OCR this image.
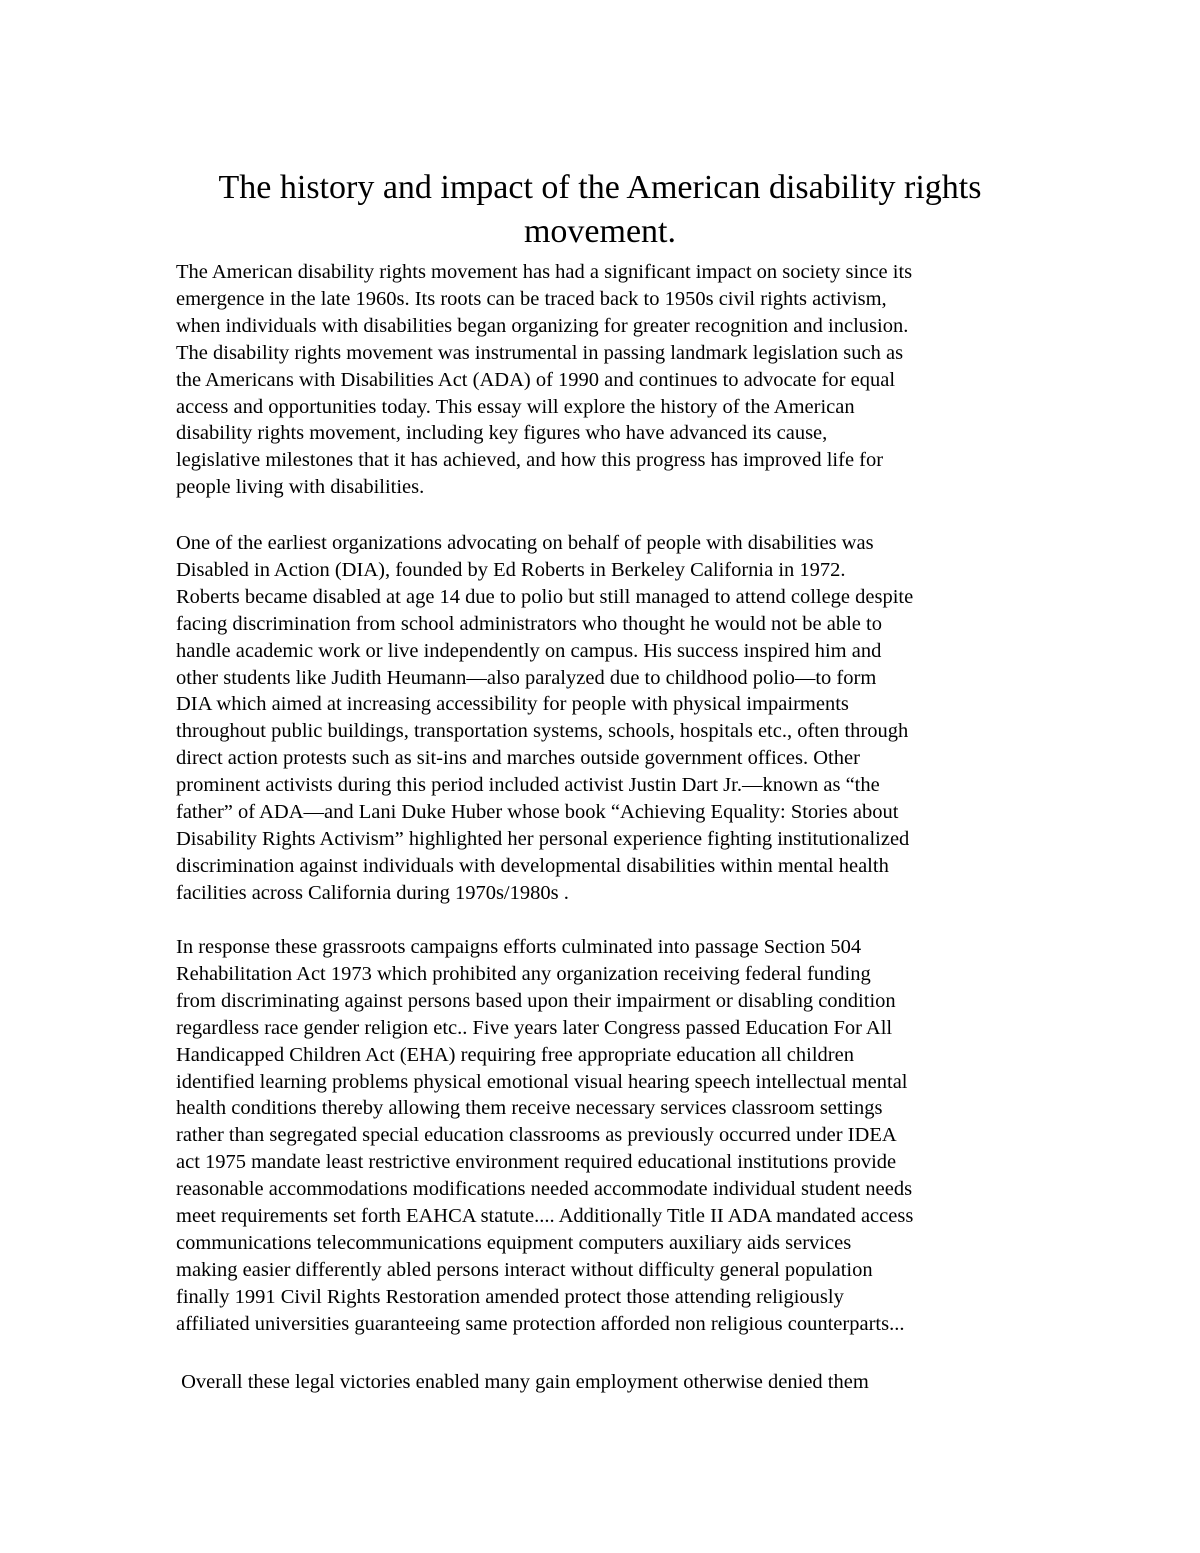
The history and impact of the American disability rights
movement.

The American disability rights movement has had a significant impact on society since its
emergence in the late 1960s. Its roots can be traced back to 1950s civil rights activism,
when individuals with disabilities began organizing for greater recognition and inclusion.
The disability rights movement was instrumental in passing landmark legislation such as
the Americans with Disabilities Act (ADA) of 1990 and continues to advocate for equal
access and opportunities today. This essay will explore the history of the American
disability rights movement, including key figures who have advanced its cause,
legislative milestones that it has achieved, and how this progress has improved life for
people living with disabilities.

One of the earliest organizations advocating on behalf of people with disabilities was
Disabled in Action (DIA), founded by Ed Roberts in Berkeley California in 1972.
Roberts became disabled at age 14 due to polio but still managed to attend college despite
facing discrimination from school administrators who thought he would not be able to
handle academic work or live independently on campus. His success inspired him and
other students like Judith Heumann—also paralyzed due to childhood polio—to form
DIA which aimed at increasing accessibility for people with physical impairments
throughout public buildings, transportation systems, schools, hospitals etc., often through
direct action protests such as sit-ins and marches outside government offices. Other
prominent activists during this period included activist Justin Dart Jr.—known as “the
father” of ADA—and Lani Duke Huber whose book “Achieving Equality: Stories about
Disability Rights Activism” highlighted her personal experience fighting institutionalized
discrimination against individuals with developmental disabilities within mental health
facilities across California during 1970s/1980s .

In response these grassroots campaigns efforts culminated into passage Section 504
Rehabilitation Act 1973 which prohibited any organization receiving federal funding
from discriminating against persons based upon their impairment or disabling condition
regardless race gender religion etc.. Five years later Congress passed Education For All
Handicapped Children Act (EHA) requiring free appropriate education all children
identified learning problems physical emotional visual hearing speech intellectual mental
health conditions thereby allowing them receive necessary services classroom settings
rather than segregated special education classrooms as previously occurred under IDEA
act 1975 mandate least restrictive environment required educational institutions provide
reasonable accommodations modifications needed accommodate individual student needs
meet requirements set forth EAHCA statute.... Additionally Title II ADA mandated access
communications telecommunications equipment computers auxiliary aids services
making easier differently abled persons interact without difficulty general population
finally 1991 Civil Rights Restoration amended protect those attending religiously
affiliated universities guaranteeing same protection afforded non religious counterparts...

Overall these legal victories enabled many gain employment otherwise denied them
